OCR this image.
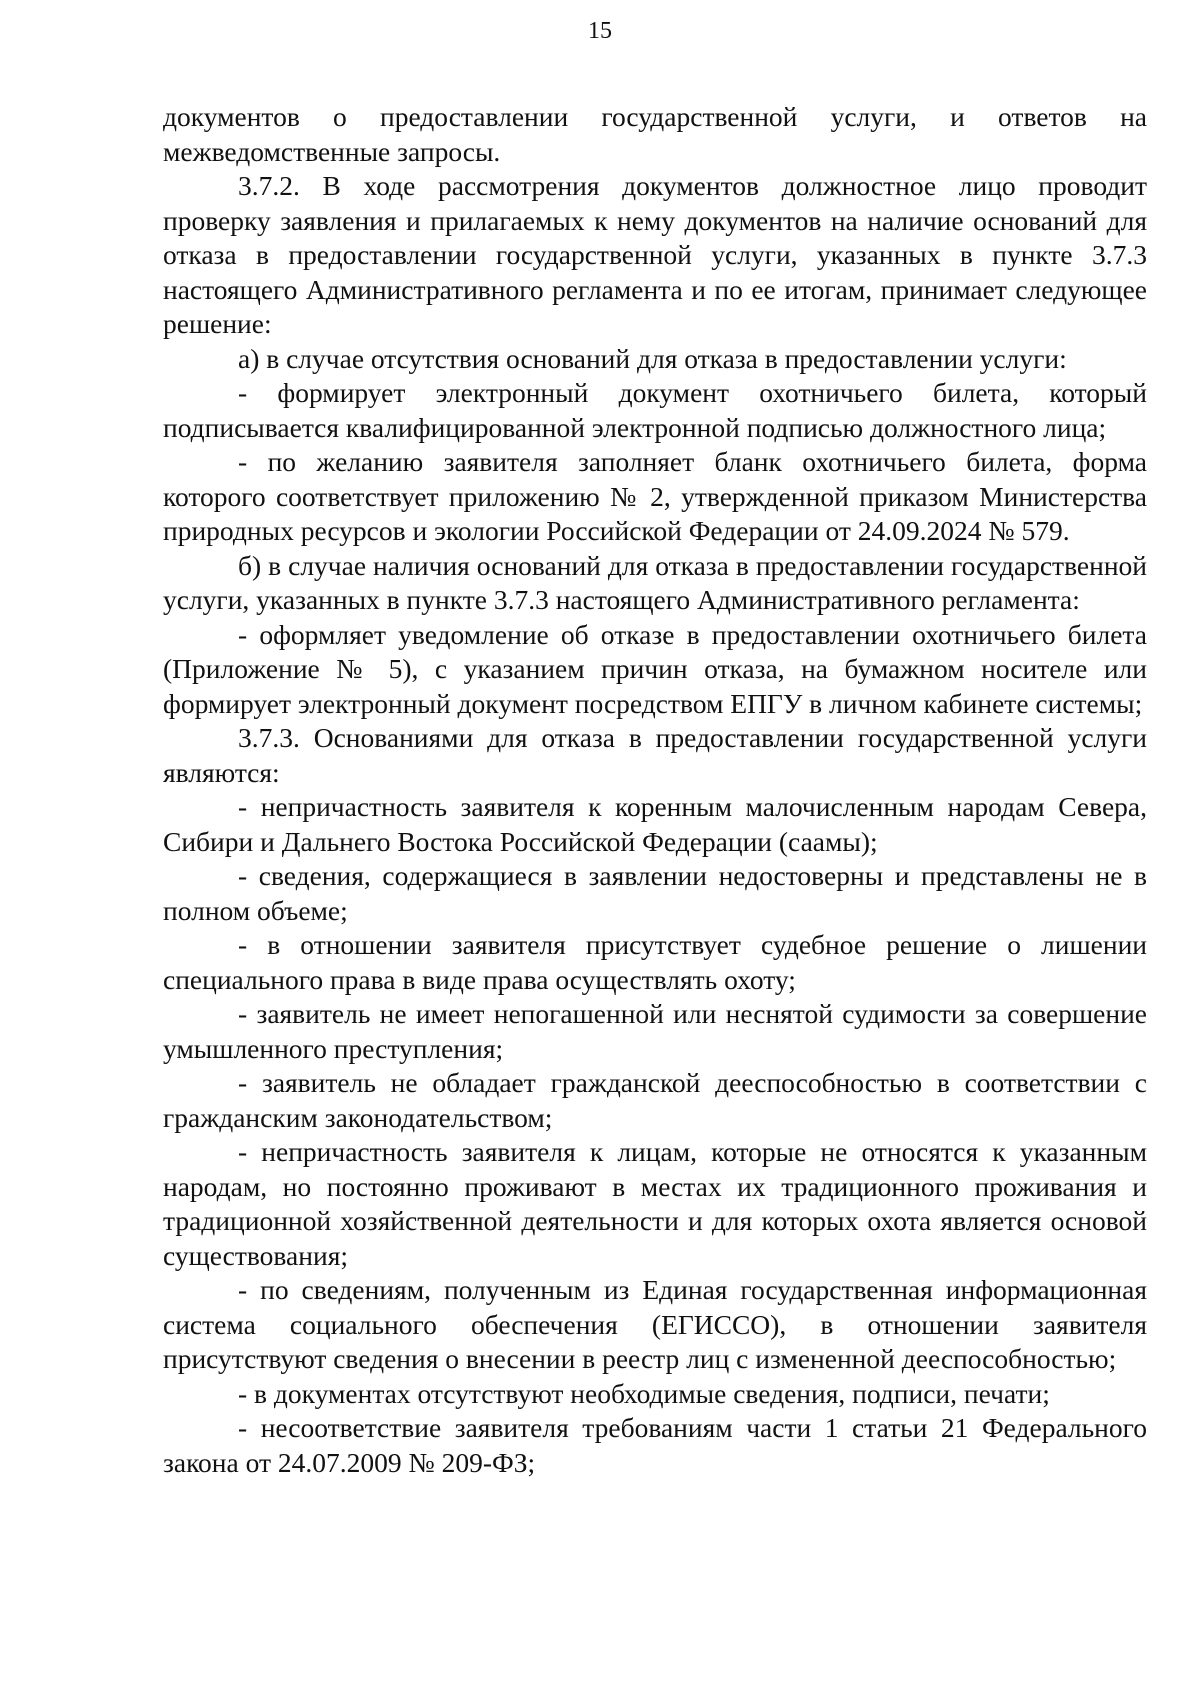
15

документов о предоставлении государственной услуги, и ответов на межведомственные запросы.

3.7.2. В ходе рассмотрения документов должностное лицо проводит проверку заявления и прилагаемых к нему документов на наличие оснований для отказа в предоставлении государственной услуги, указанных в пункте 3.7.3 настоящего Административного регламента и по ее итогам, принимает следующее решение:

а) в случае отсутствия оснований для отказа в предоставлении услуги:

- формирует электронный документ охотничьего билета, который подписывается квалифицированной электронной подписью должностного лица;

- по желанию заявителя заполняет бланк охотничьего билета, форма которого соответствует приложению № 2, утвержденной приказом Министерства природных ресурсов и экологии Российской Федерации от 24.09.2024 № 579.

б) в случае наличия оснований для отказа в предоставлении государственной услуги, указанных в пункте 3.7.3 настоящего Административного регламента:

- оформляет уведомление об отказе в предоставлении охотничьего билета (Приложение № 5), с указанием причин отказа, на бумажном носителе или формирует электронный документ посредством ЕПГУ в личном кабинете системы;

3.7.3. Основаниями для отказа в предоставлении государственной услуги являются:

- непричастность заявителя к коренным малочисленным народам Севера, Сибири и Дальнего Востока Российской Федерации (саамы);

- сведения, содержащиеся в заявлении недостоверны и представлены не в полном объеме;

- в отношении заявителя присутствует судебное решение о лишении специального права в виде права осуществлять охоту;

- заявитель не имеет непогашенной или неснятой судимости за совершение умышленного преступления;

- заявитель не обладает гражданской дееспособностью в соответствии с гражданским законодательством;

- непричастность заявителя к лицам, которые не относятся к указанным народам, но постоянно проживают в местах их традиционного проживания и традиционной хозяйственной деятельности и для которых охота является основой существования;

- по сведениям, полученным из Единая государственная информационная система социального обеспечения (ЕГИССО), в отношении заявителя присутствуют сведения о внесении в реестр лиц с измененной дееспособностью;

- в документах отсутствуют необходимые сведения, подписи, печати;

- несоответствие заявителя требованиям части 1 статьи 21 Федерального закона от 24.07.2009 № 209-ФЗ;
